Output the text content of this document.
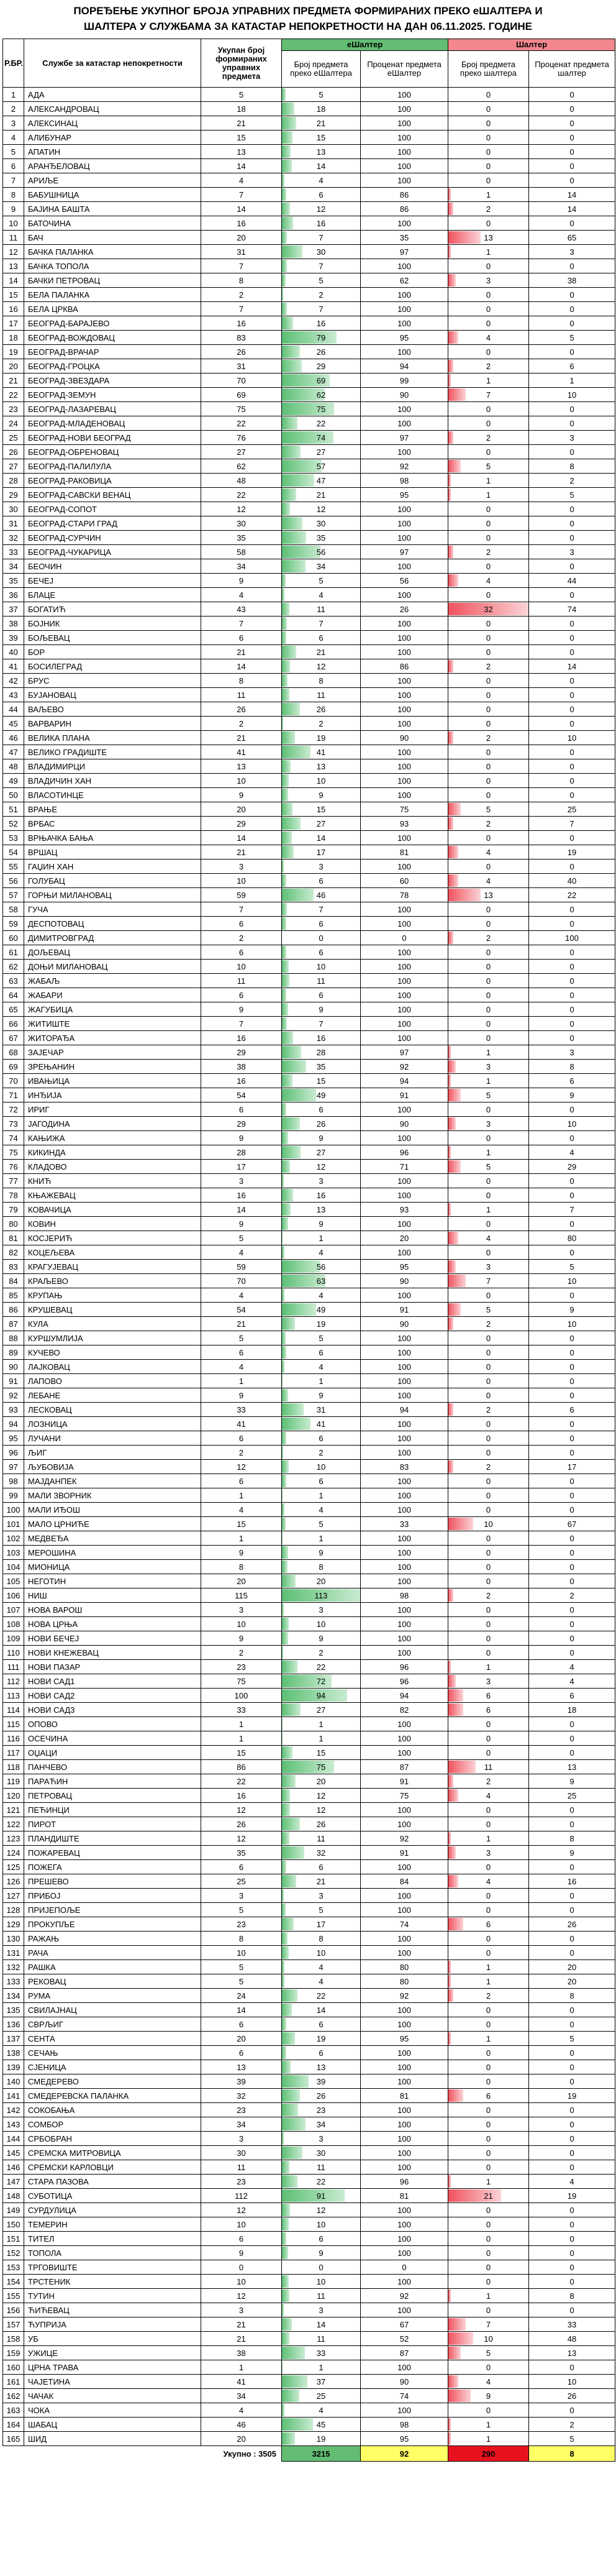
ПОРЕЂЕЊЕ УКУПНОГ БРОЈА УПРАВНИХ ПРЕДМЕТА ФОРМИРАНИХ ПРЕКО еШАЛТЕРА И
ШАЛТЕРА У СЛУЖБАМА ЗА КАТАСТАР НЕПОКРЕТНОСТИ НА ДАН 06.11.2025. ГОДИНЕ
Р.БР.	Службе за катастар непокретности	Укупан број формираних управних предмета	еШалтер		Шалтер	
			Број предмета преко еШалтера	Проценат предмета еШалтер	Број предмета преко шалтера	Проценат предмета шалтер
1	АДА	5	5	100	0	0
2	АЛЕКСАНДРОВАЦ	18	18	100	0	0
3	АЛЕКСИНАЦ	21	21	100	0	0
4	АЛИБУНАР	15	15	100	0	0
5	АПАТИН	13	13	100	0	0
6	АРАНЂЕЛОВАЦ	14	14	100	0	0
7	АРИЉЕ	4	4	100	0	0
8	БАБУШНИЦА	7	6	86	1	14
9	БАЈИНА БАШТА	14	12	86	2	14
10	БАТОЧИНА	16	16	100	0	0
11	БАЧ	20	7	35	13	65
12	БАЧКА ПАЛАНКА	31	30	97	1	3
13	БАЧКА ТОПОЛА	7	7	100	0	0
14	БАЧКИ ПЕТРОВАЦ	8	5	62	3	38
15	БЕЛА ПАЛАНКА	2	2	100	0	0
16	БЕЛА ЦРКВА	7	7	100	0	0
17	БЕОГРАД-БАРАЈЕВО	16	16	100	0	0
18	БЕОГРАД-ВОЖДОВАЦ	83	79	95	4	5
19	БЕОГРАД-ВРАЧАР	26	26	100	0	0
20	БЕОГРАД-ГРОЦКА	31	29	94	2	6
21	БЕОГРАД-ЗВЕЗДАРА	70	69	99	1	1
22	БЕОГРАД-ЗЕМУН	69	62	90	7	10
23	БЕОГРАД-ЛАЗАРЕВАЦ	75	75	100	0	0
24	БЕОГРАД-МЛАДЕНОВАЦ	22	22	100	0	0
25	БЕОГРАД-НОВИ БЕОГРАД	76	74	97	2	3
26	БЕОГРАД-ОБРЕНОВАЦ	27	27	100	0	0
27	БЕОГРАД-ПАЛИЛУЛА	62	57	92	5	8
28	БЕОГРАД-РАКОВИЦА	48	47	98	1	2
29	БЕОГРАД-САВСКИ ВЕНАЦ	22	21	95	1	5
30	БЕОГРАД-СОПОТ	12	12	100	0	0
31	БЕОГРАД-СТАРИ ГРАД	30	30	100	0	0
32	БЕОГРАД-СУРЧИН	35	35	100	0	0
33	БЕОГРАД-ЧУКАРИЦА	58	56	97	2	3
34	БЕОЧИН	34	34	100	0	0
35	БЕЧЕЈ	9	5	56	4	44
36	БЛАЦЕ	4	4	100	0	0
37	БОГАТИЋ	43	11	26	32	74
38	БОЈНИК	7	7	100	0	0
39	БОЉЕВАЦ	6	6	100	0	0
40	БОР	21	21	100	0	0
41	БОСИЛЕГРАД	14	12	86	2	14
42	БРУС	8	8	100	0	0
43	БУЈАНОВАЦ	11	11	100	0	0
44	ВАЉЕВО	26	26	100	0	0
45	ВАРВАРИН	2	2	100	0	0
46	ВЕЛИКА ПЛАНА	21	19	90	2	10
47	ВЕЛИКО ГРАДИШТЕ	41	41	100	0	0
48	ВЛАДИМИРЦИ	13	13	100	0	0
49	ВЛАДИЧИН ХАН	10	10	100	0	0
50	ВЛАСОТИНЦЕ	9	9	100	0	0
51	ВРАЊЕ	20	15	75	5	25
52	ВРБАС	29	27	93	2	7
53	ВРЊАЧКА БАЊА	14	14	100	0	0
54	ВРШАЦ	21	17	81	4	19
55	ГАЏИН ХАН	3	3	100	0	0
56	ГОЛУБАЦ	10	6	60	4	40
57	ГОРЊИ МИЛАНОВАЦ	59	46	78	13	22
58	ГУЧА	7	7	100	0	0
59	ДЕСПОТОВАЦ	6	6	100	0	0
60	ДИМИТРОВГРАД	2	0	0	2	100
61	ДОЉЕВАЦ	6	6	100	0	0
62	ДОЊИ МИЛАНОВАЦ	10	10	100	0	0
63	ЖАБАЉ	11	11	100	0	0
64	ЖАБАРИ	6	6	100	0	0
65	ЖАГУБИЦА	9	9	100	0	0
66	ЖИТИШТЕ	7	7	100	0	0
67	ЖИТОРАЂА	16	16	100	0	0
68	ЗАЈЕЧАР	29	28	97	1	3
69	ЗРЕЊАНИН	38	35	92	3	8
70	ИВАЊИЦА	16	15	94	1	6
71	ИНЂИЈА	54	49	91	5	9
72	ИРИГ	6	6	100	0	0
73	ЈАГОДИНА	29	26	90	3	10
74	КАЊИЖА	9	9	100	0	0
75	КИКИНДА	28	27	96	1	4
76	КЛАДОВО	17	12	71	5	29
77	КНИЋ	3	3	100	0	0
78	КЊАЖЕВАЦ	16	16	100	0	0
79	КОВАЧИЦА	14	13	93	1	7
80	КОВИН	9	9	100	0	0
81	КОСЈЕРИЋ	5	1	20	4	80
82	КОЦЕЉЕВА	4	4	100	0	0
83	КРАГУЈЕВАЦ	59	56	95	3	5
84	КРАЉЕВО	70	63	90	7	10
85	КРУПАЊ	4	4	100	0	0
86	КРУШЕВАЦ	54	49	91	5	9
87	КУЛА	21	19	90	2	10
88	КУРШУМЛИЈА	5	5	100	0	0
89	КУЧЕВО	6	6	100	0	0
90	ЛАЈКОВАЦ	4	4	100	0	0
91	ЛАПОВО	1	1	100	0	0
92	ЛЕБАНЕ	9	9	100	0	0
93	ЛЕСКОВАЦ	33	31	94	2	6
94	ЛОЗНИЦА	41	41	100	0	0
95	ЛУЧАНИ	6	6	100	0	0
96	ЉИГ	2	2	100	0	0
97	ЉУБОВИЈА	12	10	83	2	17
98	МАЈДАНПЕК	6	6	100	0	0
99	МАЛИ ЗВОРНИК	1	1	100	0	0
100	МАЛИ ИЂОШ	4	4	100	0	0
101	МАЛО ЦРНИЋЕ	15	5	33	10	67
102	МЕДВЕЂА	1	1	100	0	0
103	МЕРОШИНА	9	9	100	0	0
104	МИОНИЦА	8	8	100	0	0
105	НЕГОТИН	20	20	100	0	0
106	НИШ	115	113	98	2	2
107	НОВА ВАРОШ	3	3	100	0	0
108	НОВА ЦРЊА	10	10	100	0	0
109	НОВИ БЕЧЕЈ	9	9	100	0	0
110	НОВИ КНЕЖЕВАЦ	2	2	100	0	0
111	НОВИ ПАЗАР	23	22	96	1	4
112	НОВИ САД1	75	72	96	3	4
113	НОВИ САД2	100	94	94	6	6
114	НОВИ САД3	33	27	82	6	18
115	ОПОВО	1	1	100	0	0
116	ОСЕЧИНА	1	1	100	0	0
117	ОЏАЦИ	15	15	100	0	0
118	ПАНЧЕВО	86	75	87	11	13
119	ПАРАЋИН	22	20	91	2	9
120	ПЕТРОВАЦ	16	12	75	4	25
121	ПЕЋИНЦИ	12	12	100	0	0
122	ПИРОТ	26	26	100	0	0
123	ПЛАНДИШТЕ	12	11	92	1	8
124	ПОЖАРЕВАЦ	35	32	91	3	9
125	ПОЖЕГА	6	6	100	0	0
126	ПРЕШЕВО	25	21	84	4	16
127	ПРИБОЈ	3	3	100	0	0
128	ПРИЈЕПОЉЕ	5	5	100	0	0
129	ПРОКУПЉЕ	23	17	74	6	26
130	РАЖАЊ	8	8	100	0	0
131	РАЧА	10	10	100	0	0
132	РАШКА	5	4	80	1	20
133	РЕКОВАЦ	5	4	80	1	20
134	РУМА	24	22	92	2	8
135	СВИЛАЈНАЦ	14	14	100	0	0
136	СВРЉИГ	6	6	100	0	0
137	СЕНТА	20	19	95	1	5
138	СЕЧАЊ	6	6	100	0	0
139	СЈЕНИЦА	13	13	100	0	0
140	СМЕДЕРЕВО	39	39	100	0	0
141	СМЕДЕРЕВСКА ПАЛАНКА	32	26	81	6	19
142	СОКОБАЊА	23	23	100	0	0
143	СОМБОР	34	34	100	0	0
144	СРБОБРАН	3	3	100	0	0
145	СРЕМСКА МИТРОВИЦА	30	30	100	0	0
146	СРЕМСКИ КАРЛОВЦИ	11	11	100	0	0
147	СТАРА ПАЗОВА	23	22	96	1	4
148	СУБОТИЦА	112	91	81	21	19
149	СУРДУЛИЦА	12	12	100	0	0
150	ТЕМЕРИН	10	10	100	0	0
151	ТИТЕЛ	6	6	100	0	0
152	ТОПОЛА	9	9	100	0	0
153	ТРГОВИШТЕ	0	0	0	0	0
154	ТРСТЕНИК	10	10	100	0	0
155	ТУТИН	12	11	92	1	8
156	ЋИЋЕВАЦ	3	3	100	0	0
157	ЋУПРИЈА	21	14	67	7	33
158	УБ	21	11	52	10	48
159	УЖИЦЕ	38	33	87	5	13
160	ЦРНА ТРАВА	1	1	100	0	0
161	ЧАЈЕТИНА	41	37	90	4	10
162	ЧАЧАК	34	25	74	9	26
163	ЧОКА	4	4	100	0	0
164	ШАБАЦ	46	45	98	1	2
165	ШИД	20	19	95	1	5
		Укупно : 3505	3215	92	290	8
